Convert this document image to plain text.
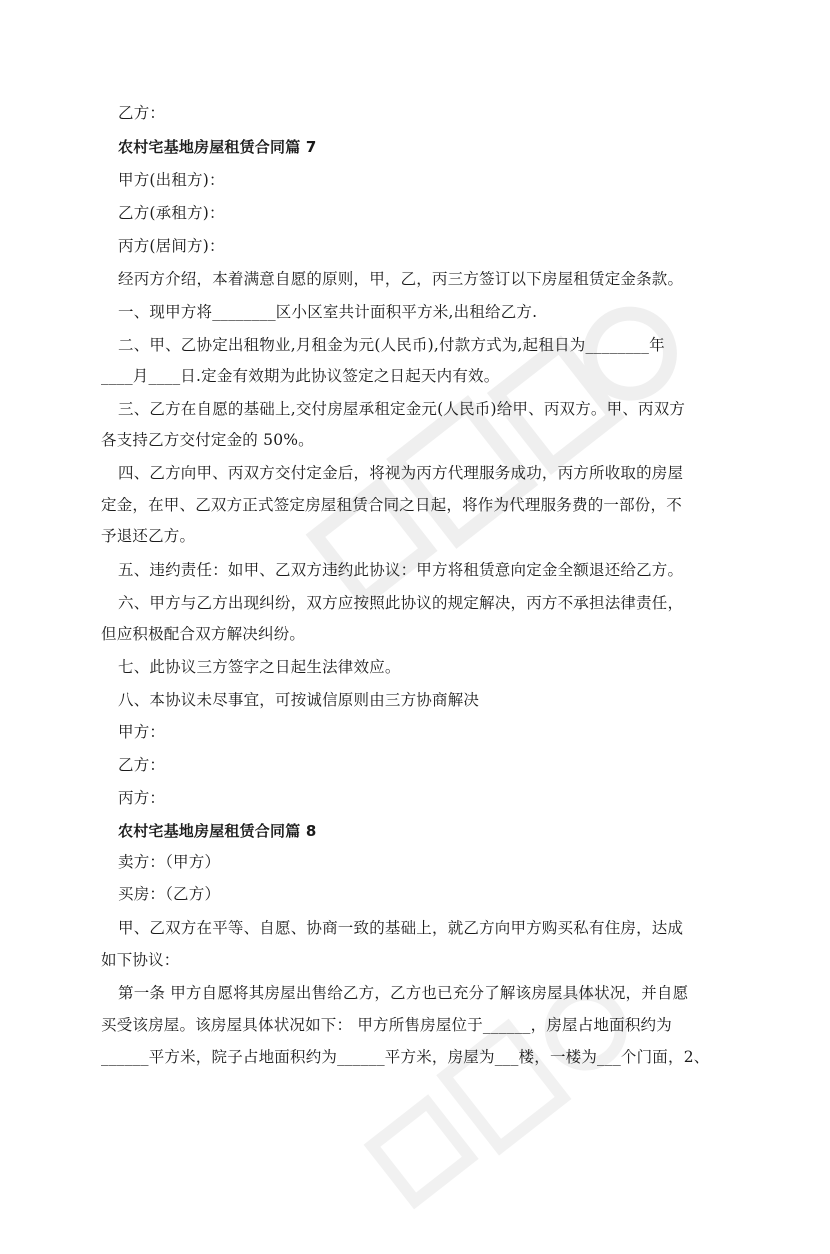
乙方：
农村宅基地房屋租赁合同篇 7
甲方(出租方)：
乙方(承租方)：
丙方(居间方)：
经丙方介绍，本着满意自愿的原则，甲，乙，丙三方签订以下房屋租赁定金条款。
一、现甲方将________区小区室共计面积平方米,出租给乙方.
二、甲、乙协定出租物业,月租金为元(人民币),付款方式为,起租日为________年
____月____日.定金有效期为此协议签定之日起天内有效。
三、乙方在自愿的基础上,交付房屋承租定金元(人民币)给甲、丙双方。甲、丙双方
各支持乙方交付定金的 50%。
四、乙方向甲、丙双方交付定金后，将视为丙方代理服务成功，丙方所收取的房屋
定金，在甲、乙双方正式签定房屋租赁合同之日起，将作为代理服务费的一部份，不
予退还乙方。
五、违约责任：如甲、乙双方违约此协议：甲方将租赁意向定金全额退还给乙方。
六、甲方与乙方出现纠纷，双方应按照此协议的规定解决，丙方不承担法律责任，
但应积极配合双方解决纠纷。
七、此协议三方签字之日起生法律效应。
八、本协议未尽事宜，可按诚信原则由三方协商解决
甲方：
乙方：
丙方：
农村宅基地房屋租赁合同篇 8
卖方：（甲方）
买房：（乙方）
甲、乙双方在平等、自愿、协商一致的基础上，就乙方向甲方购买私有住房，达成
如下协议：
第一条 甲方自愿将其房屋出售给乙方，乙方也已充分了解该房屋具体状况，并自愿
买受该房屋。该房屋具体状况如下： 甲方所售房屋位于______，房屋占地面积约为
______平方米，院子占地面积约为______平方米，房屋为___楼，一楼为___个门面，2、
